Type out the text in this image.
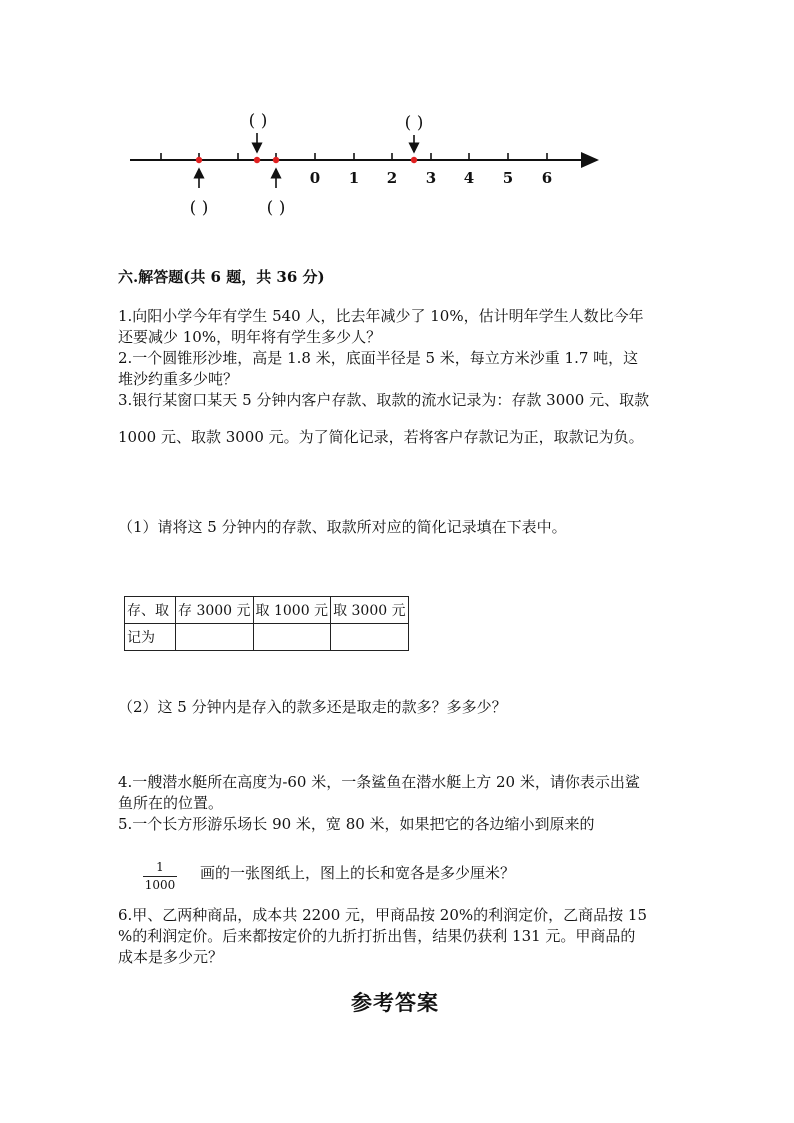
0 1 2 3 4 5 6
( )	( )
( )	( )
六.解答题(共 6 题，共 36 分)
1.向阳小学今年有学生 540 人，比去年减少了 10%，估计明年学生人数比今年
还要减少 10%，明年将有学生多少人？
2.一个圆锥形沙堆，高是 1.8 米，底面半径是 5 米，每立方米沙重 1.7 吨，这
堆沙约重多少吨？
3.银行某窗口某天 5 分钟内客户存款、取款的流水记录为：存款 3000 元、取款
1000 元、取款 3000 元。为了简化记录，若将客户存款记为正，取款记为负。
（1）请将这 5 分钟内的存款、取款所对应的简化记录填在下表中。
存、取	存 3000 元	取 1000 元	取 3000 元
记为			
（2）这 5 分钟内是存入的款多还是取走的款多？多多少？
4.一艘潜水艇所在高度为-60 米，一条鲨鱼在潜水艇上方 20 米，请你表示出鲨
鱼所在的位置。
5.一个长方形游乐场长 90 米，宽 80 米，如果把它的各边缩小到原来的
1
1000
画的一张图纸上，图上的长和宽各是多少厘米？
6.甲、乙两种商品，成本共 2200 元，甲商品按 20%的利润定价，乙商品按 15
%的利润定价。后来都按定价的九折打折出售，结果仍获利 131 元。甲商品的
成本是多少元？
参考答案
